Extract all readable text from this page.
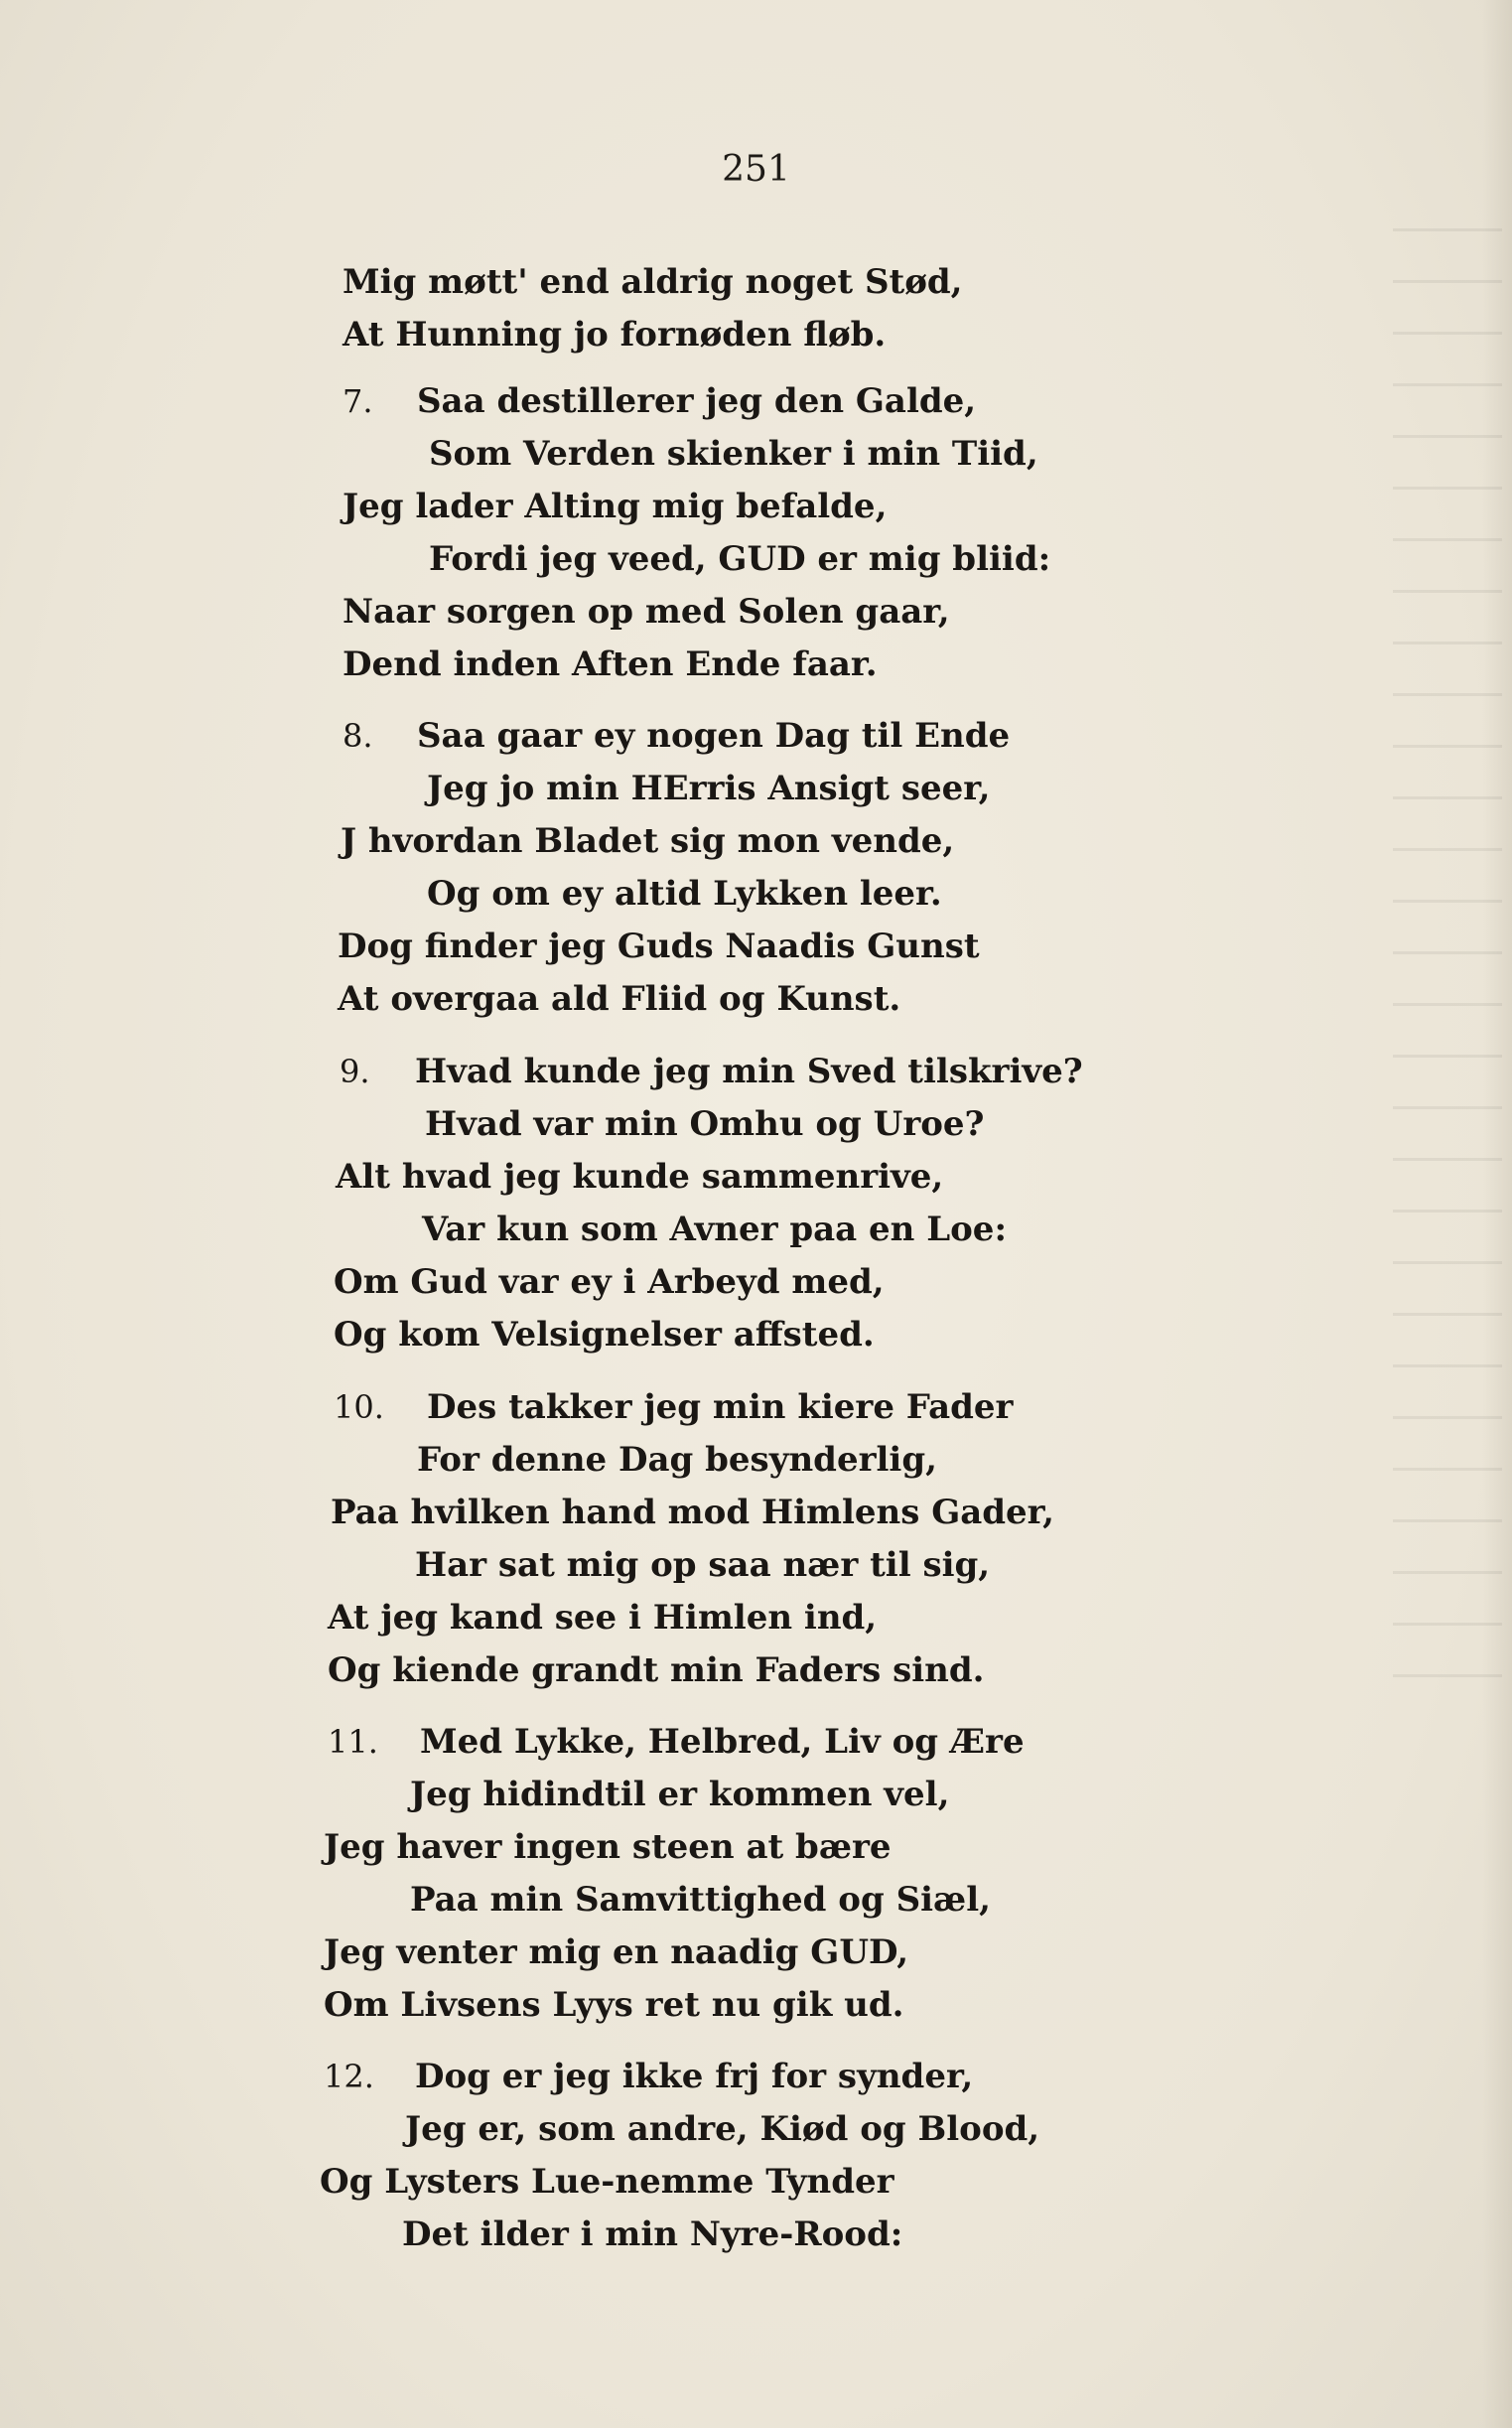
251
Mig møtt' end aldrig noget Stød,
At Hunning jo fornøden fløb.
7. Saa destillerer jeg den Galde,
Som Verden skienker i min Tiid,
Jeg lader Alting mig befalde,
Fordi jeg veed, GUD er mig bliid:
Naar sorgen op med Solen gaar,
Dend inden Aften Ende faar.
8. Saa gaar ey nogen Dag til Ende
Jeg jo min HErris Ansigt seer,
J hvordan Bladet sig mon vende,
Og om ey altid Lykken leer.
Dog finder jeg Guds Naadis Gunst
At overgaa ald Fliid og Kunst.
9. Hvad kunde jeg min Sved tilskrive?
Hvad var min Omhu og Uroe?
Alt hvad jeg kunde sammenrive,
Var kun som Avner paa en Loe:
Om Gud var ey i Arbeyd med,
Og kom Velsignelser affsted.
10. Des takker jeg min kiere Fader
For denne Dag besynderlig,
Paa hvilken hand mod Himlens Gader,
Har sat mig op saa nær til sig,
At jeg kand see i Himlen ind,
Og kiende grandt min Faders sind.
11. Med Lykke, Helbred, Liv og Ære
Jeg hidindtil er kommen vel,
Jeg haver ingen steen at bære
Paa min Samvittighed og Siæl,
Jeg venter mig en naadig GUD,
Om Livsens Lyys ret nu gik ud.
12. Dog er jeg ikke frj for synder,
Jeg er, som andre, Kiød og Blood,
Og Lysters Lue-nemme Tynder
Det ilder i min Nyre-Rood:
